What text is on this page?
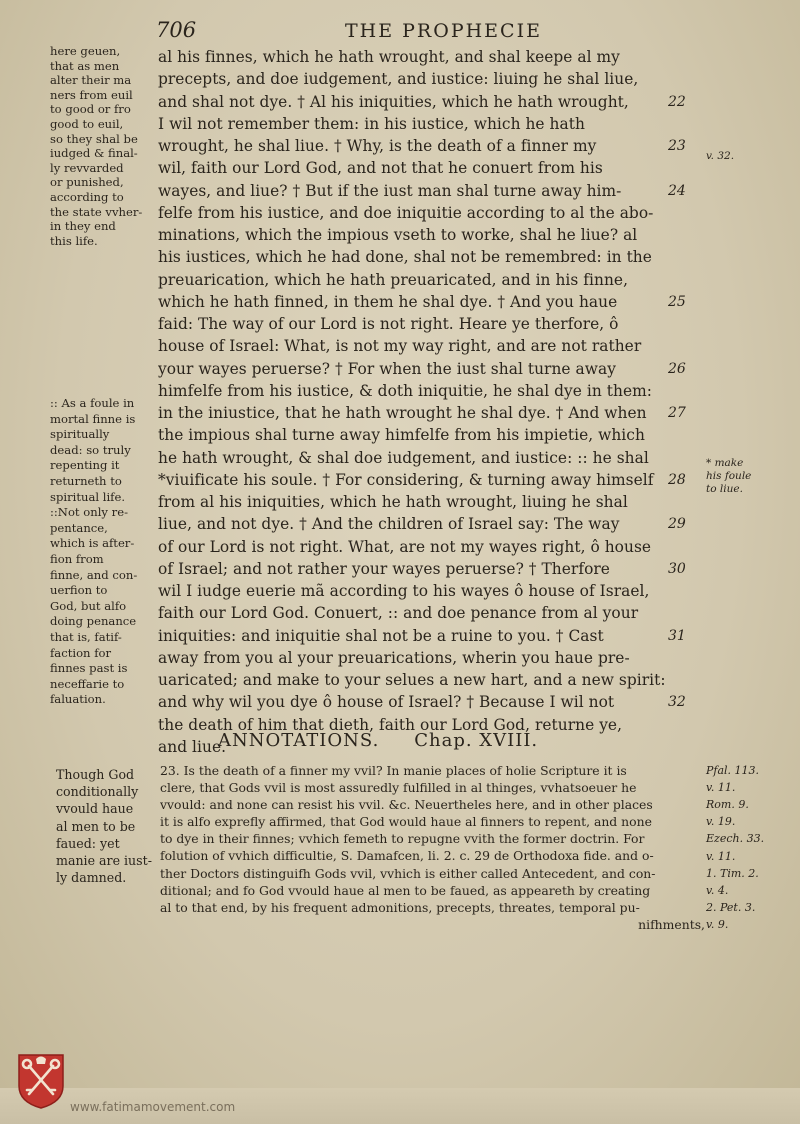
706	THE PROPHECIE
here geuen,
that as men
alter their ma
ners from euil
to good or fro
good to euil,
so they shal be
iudged & final-
ly revvarded
or punished,
according to
the state vvher-
in they end
this life.
:: As a foule in
mortal finne is
spiritually
dead: so truly
repenting it
returneth to
spiritual life.
::Not only re-
pentance,
which is after-
fion from
finne, and con-
uerfion to
God, but alfo
doing penance
that is, fatif-
faction for
finnes past is
neceffarie to
faluation.
al his finnes, which he hath wrought, and shal keepe al my
precepts, and doe iudgement, and iustice: liuing he shal liue,
and shal not dye. † Al his iniquities, which he hath wrought,
I wil not remember them: in his iustice, which he hath
wrought, he shal liue. † Why, is the death of a finner my
wil, faith our Lord God, and not that he conuert from his
wayes, and liue? † But if the iust man shal turne away him-
felfe from his iustice, and doe iniquitie according to al the abo-
minations, which the impious vseth to worke, shal he liue? al
his iustices, which he had done, shal not be remembred: in the
preuarication, which he hath preuaricated, and in his finne,
which he hath finned, in them he shal dye. † And you haue
faid: The way of our Lord is not right. Heare ye therfore, ô
house of Israel: What, is not my way right, and are not rather
your wayes peruerse? † For when the iust shal turne away
himfelfe from his iustice, & doth iniquitie, he shal dye in them:
in the iniustice, that he hath wrought he shal dye. † And when
the impious shal turne away himfelfe from his impietie, which
he hath wrought, & shal doe iudgement, and iustice: :: he shal
*viuificate his soule. † For considering, & turning away himself
from al his iniquities, which he hath wrought, liuing he shal
liue, and not dye. † And the children of Israel say: The way
of our Lord is not right. What, are not my wayes right, ô house
of Israel; and not rather your wayes peruerse? † Therfore
wil I iudge euerie mã according to his wayes ô house of Israel,
faith our Lord God. Conuert, :: and doe penance from al your
iniquities: and iniquitie shal not be a ruine to you. † Cast
away from you al your preuarications, wherin you haue pre-
uaricated; and make to your selues a new hart, and a new spirit:
and why wil you dye ô house of Israel? † Because I wil not
the death of him that dieth, faith our Lord God, returne ye,
and liue.
22
23
24
25
26
27
28
29
30
31
32
v. 32.
* make
his foule
to liue.
ANNOTATIONS. Chap. XVIII.
Though God
conditionally
vvould haue
al men to be
faued: yet
manie are iust-
ly damned.
23. Is the death of a finner my vvil? In manie places of holie Scripture it is
clere, that Gods vvil is most assuredly fulfilled in al thinges, vvhatsoeuer he
vvould: and none can resist his vvil. &c. Neuertheles here, and in other places
it is alfo exprefly affirmed, that God would haue al finners to repent, and none
to dye in their finnes; vvhich femeth to repugne vvith the former doctrin. For
folution of vvhich difficultie, S. Damafcen, li. 2. c. 29 de Orthodoxa fide. and o-
ther Doctors distinguifh Gods vvil, vvhich is either called Antecedent, and con-
ditional; and fo God vvould haue al men to be faued, as appeareth by creating
al to that end, by his frequent admonitions, precepts, threates, temporal pu-
nifhments,
Pfal. 113.
v. 11.
Rom. 9.
v. 19.
Ezech. 33.
v. 11.
1. Tim. 2.
v. 4.
2. Pet. 3.
v. 9.
www.fatimamovement.com
